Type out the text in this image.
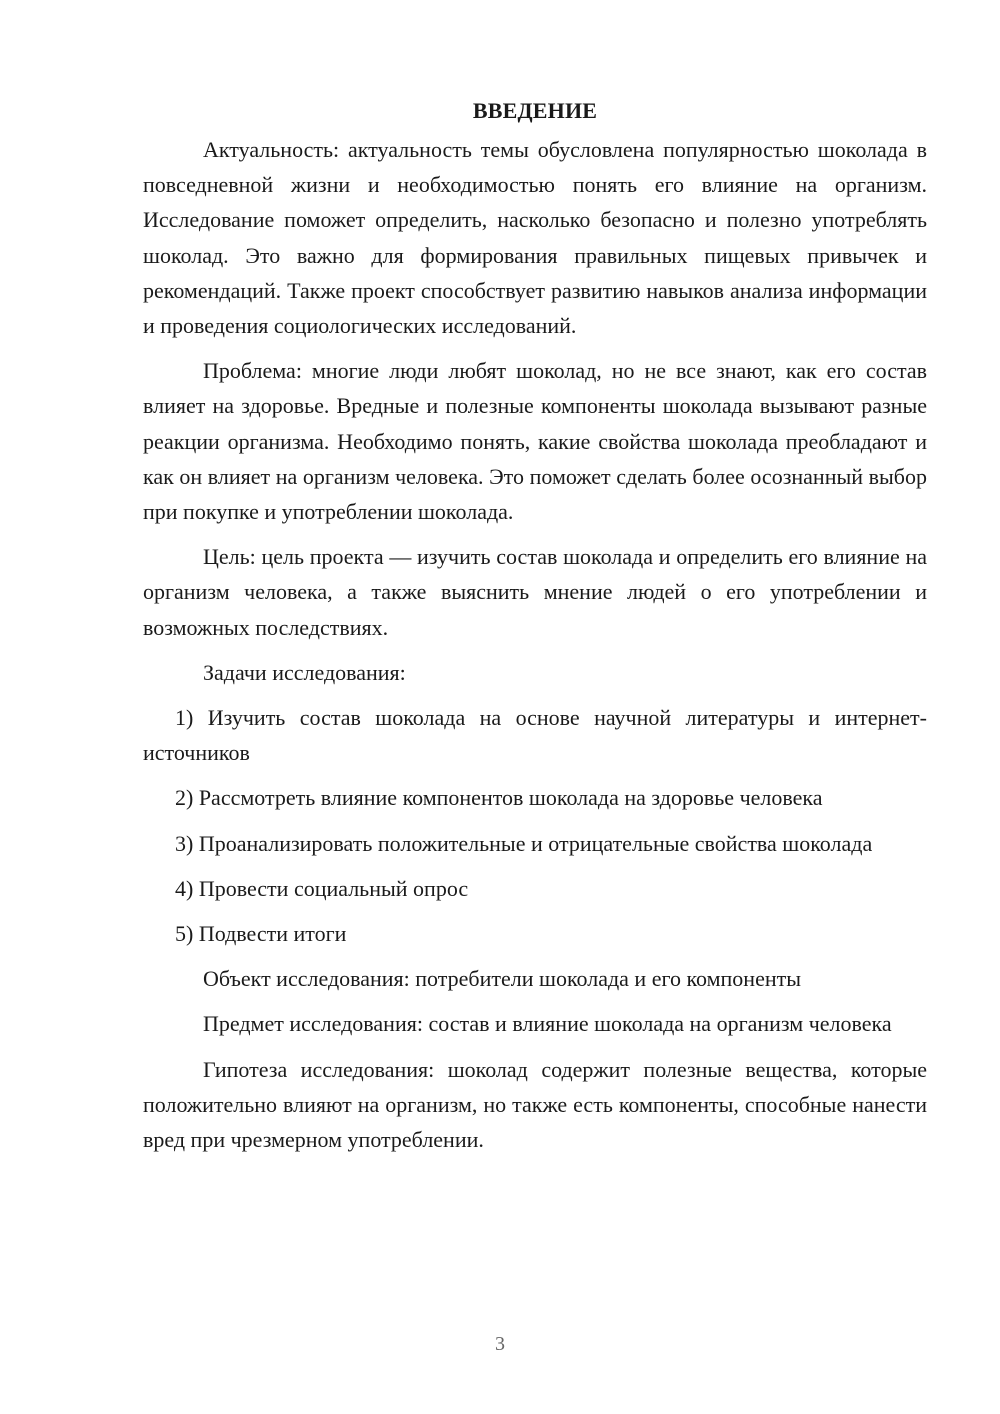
ВВЕДЕНИЕ

Актуальность: актуальность темы обусловлена популярностью шоколада в повседневной жизни и необходимостью понять его влияние на организм. Исследование поможет определить, насколько безопасно и полезно употреблять шоколад. Это важно для формирования правильных пищевых привычек и рекомендаций. Также проект способствует развитию навыков анализа информации и проведения социологических исследований.

Проблема: многие люди любят шоколад, но не все знают, как его состав влияет на здоровье. Вредные и полезные компоненты шоколада вызывают разные реакции организма. Необходимо понять, какие свойства шоколада преобладают и как он влияет на организм человека. Это поможет сделать более осознанный выбор при покупке и употреблении шоколада.

Цель: цель проекта — изучить состав шоколада и определить его влияние на организм человека, а также выяснить мнение людей о его употреблении и возможных последствиях.

Задачи исследования:

1) Изучить состав шоколада на основе научной литературы и интернет-источников

2) Рассмотреть влияние компонентов шоколада на здоровье человека

3) Проанализировать положительные и отрицательные свойства шоколада

4) Провести социальный опрос

5) Подвести итоги

Объект исследования: потребители шоколада и его компоненты

Предмет исследования: состав и влияние шоколада на организм человека

Гипотеза исследования: шоколад содержит полезные вещества, которые положительно влияют на организм, но также есть компоненты, способные нанести вред при чрезмерном употреблении.

3
